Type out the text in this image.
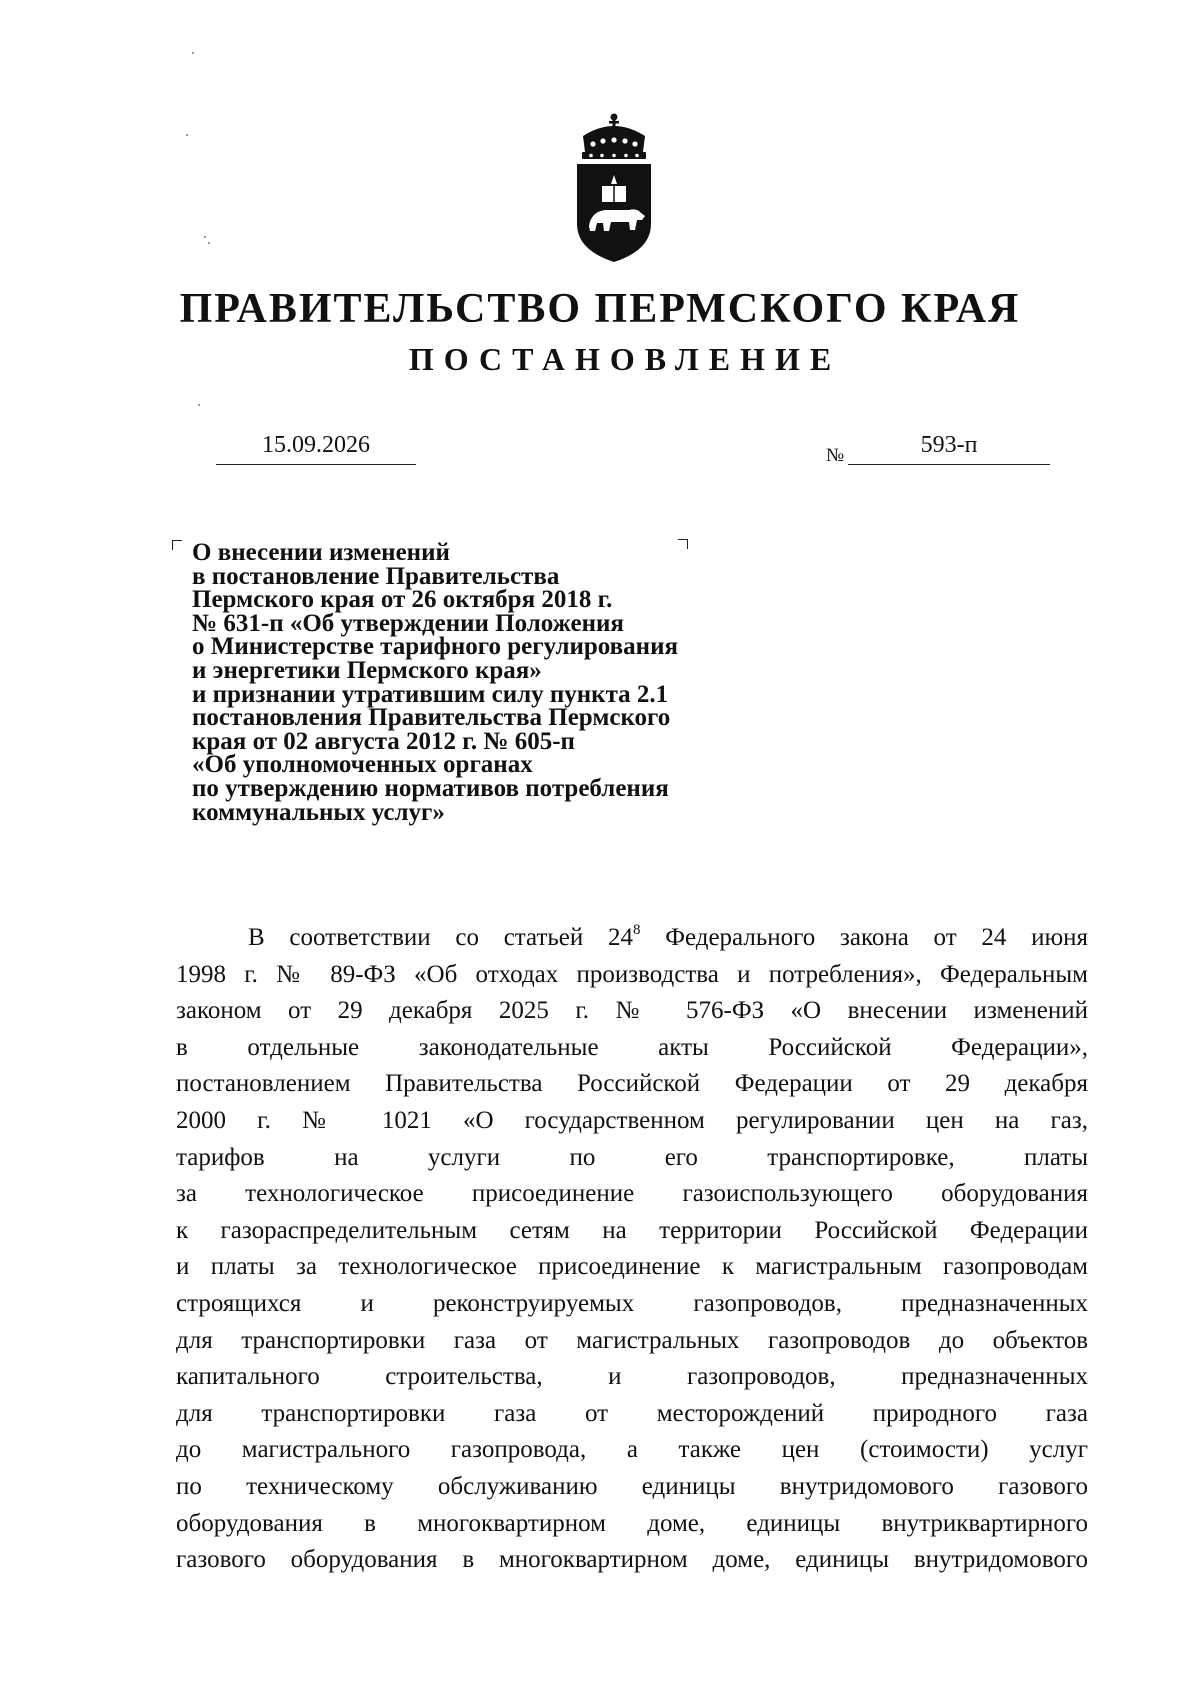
ПРАВИТЕЛЬСТВО ПЕРМСКОГО КРАЯ
ПОСТАНОВЛЕНИЕ
15.09.2026	№	593-п
О внесении изменений
в постановление Правительства
Пермского края от 26 октября 2018 г.
№ 631-п «Об утверждении Положения
о Министерстве тарифного регулирования
и энергетики Пермского края»
и признании утратившим силу пункта 2.1
постановления Правительства Пермского
края от 02 августа 2012 г. № 605-п
«Об уполномоченных органах
по утверждению нормативов потребления
коммунальных услуг»
В соответствии со статьей $24^8$ Федерального закона от 24 июня
1998 г. № 89-ФЗ «Об отходах производства и потребления», Федеральным
законом от 29 декабря 2025 г. № 576-ФЗ «О внесении изменений
в отдельные законодательные акты Российской Федерации»,
постановлением Правительства Российской Федерации от 29 декабря
2000 г. № 1021 «О государственном регулировании цен на газ,
тарифов на услуги по его транспортировке, платы
за технологическое присоединение газоиспользующего оборудования
к газораспределительным сетям на территории Российской Федерации
и платы за технологическое присоединение к магистральным газопроводам
строящихся и реконструируемых газопроводов, предназначенных
для транспортировки газа от магистральных газопроводов до объектов
капитального строительства, и газопроводов, предназначенных
для транспортировки газа от месторождений природного газа
до магистрального газопровода, а также цен (стоимости) услуг
по техническому обслуживанию единицы внутридомового газового
оборудования в многоквартирном доме, единицы внутриквартирного
газового оборудования в многоквартирном доме, единицы внутридомового
